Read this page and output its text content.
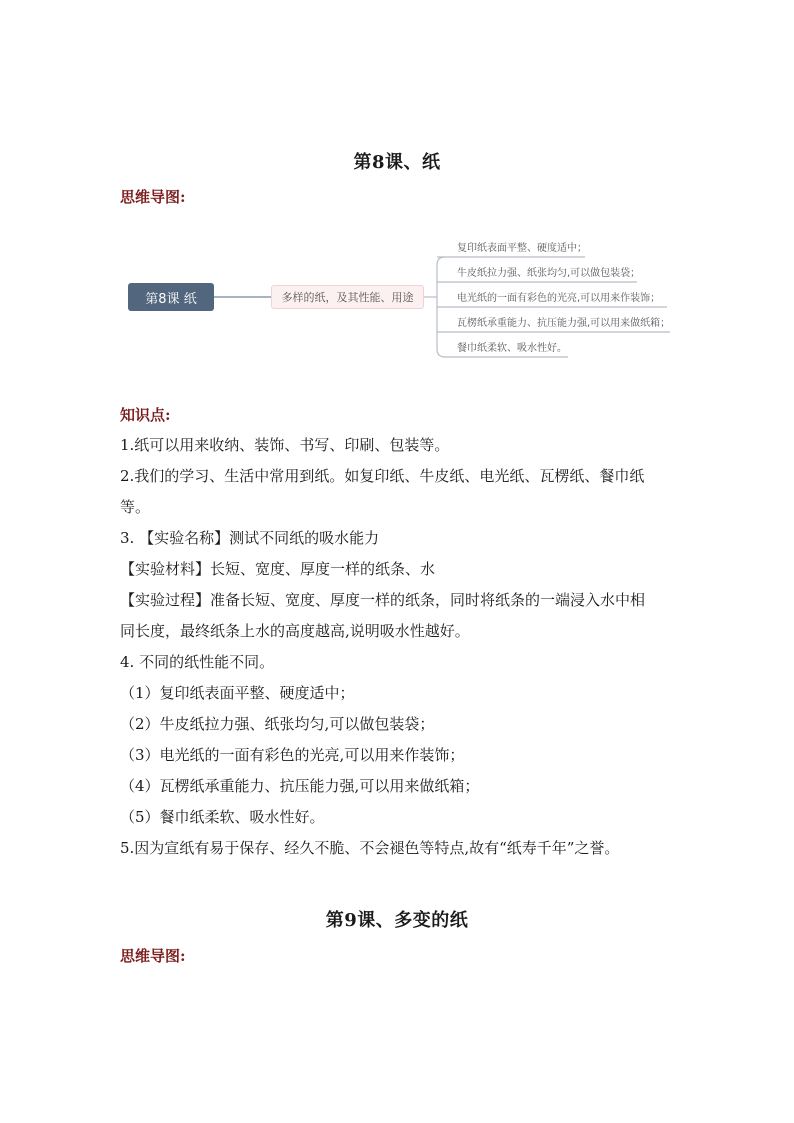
第8课、纸
思维导图:
第8课 纸	多样的纸，及其性能、用途
复印纸表面平整、硬度适中；
牛皮纸拉力强、纸张均匀,可以做包装袋；
电光纸的一面有彩色的光亮,可以用来作装饰；
瓦楞纸承重能力、抗压能力强,可以用来做纸箱；
餐巾纸柔软、吸水性好。
知识点:
1.纸可以用来收纳、装饰、书写、印刷、包装等。
2.我们的学习、生活中常用到纸。如复印纸、牛皮纸、电光纸、瓦楞纸、餐巾纸
等。
3. 【实验名称】测试不同纸的吸水能力
【实验材料】长短、宽度、厚度一样的纸条、水
【实验过程】准备长短、宽度、厚度一样的纸条，同时将纸条的一端浸入水中相
同长度，最终纸条上水的高度越高,说明吸水性越好。
4. 不同的纸性能不同。
（1）复印纸表面平整、硬度适中；
（2）牛皮纸拉力强、纸张均匀,可以做包装袋；
（3）电光纸的一面有彩色的光亮,可以用来作装饰；
（4）瓦楞纸承重能力、抗压能力强,可以用来做纸箱；
（5）餐巾纸柔软、吸水性好。
5.因为宣纸有易于保存、经久不脆、不会褪色等特点,故有“纸寿千年”之誉。
第9课、多变的纸
思维导图:
